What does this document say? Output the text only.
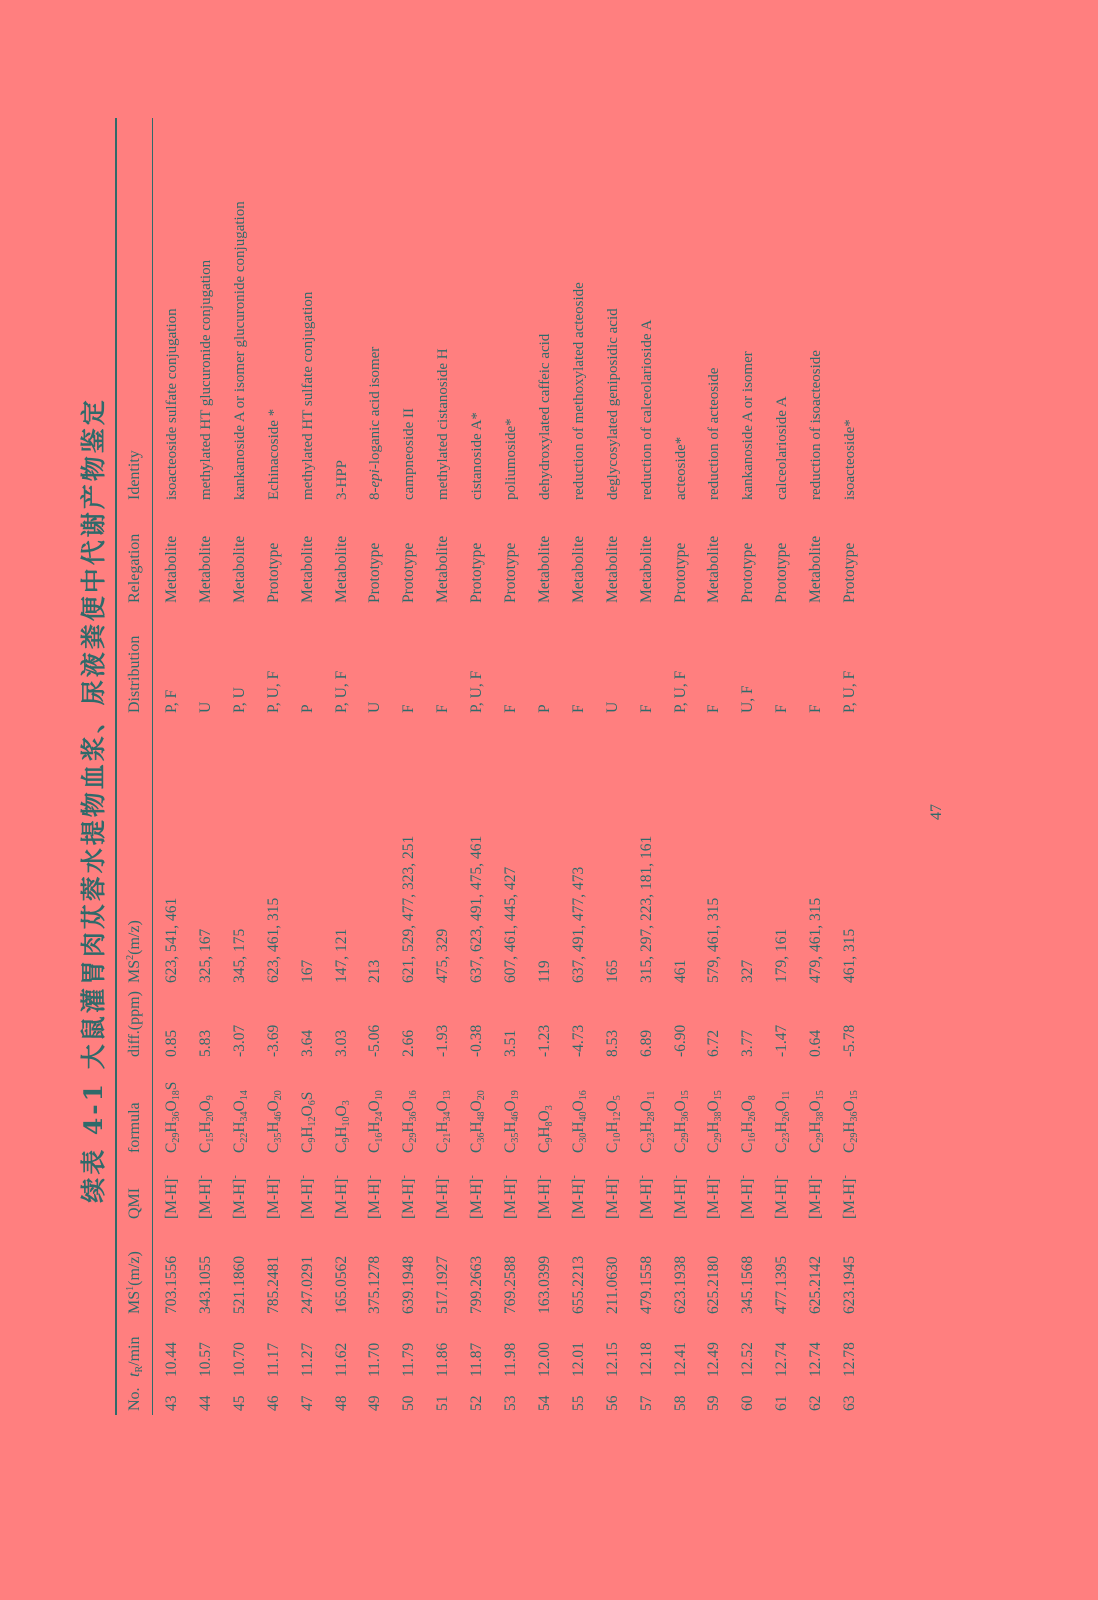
续表 4-1 大鼠灌胃肉苁蓉水提物血浆、尿液粪便中代谢产物鉴定
No.
$t_R/\min$
$MS^1(m/z)$
QMI
formula
diff.(ppm)
$MS^2(m/z)$
Distribution
Relegation
Identity
43
10.44
703.1556
[M-H]-
$C_{29}H_{36}O_{18}S$
0.85
623, 541, 461
P, F
Metabolite
isoacteoside sulfate conjugation
44
10.57
343.1055
[M-H]-
$C_{15}H_{20}O_9$
5.83
325, 167
U
Metabolite
methylated HT glucuronide conjugation
45
10.70
521.1860
[M-H]-
$C_{22}H_{34}O_{14}$
-3.07
345, 175
P, U
Metabolite
kankanoside A or isomer glucuronide conjugation
46
11.17
785.2481
[M-H]-
$C_{35}H_{46}O_{20}$
-3.69
623, 461, 315
P, U, F
Prototype
Echinacoside *
47
11.27
247.0291
[M-H]-
$C_9H_{12}O_6S$
3.64
167
P
Metabolite
methylated HT sulfate conjugation
48
11.62
165.0562
[M-H]-
$C_9H_{10}O_3$
3.03
147, 121
P, U, F
Metabolite
3-HPP
49
11.70
375.1278
[M-H]-
$C_{16}H_{24}O_{10}$
-5.06
213
U
Prototype
8-epi-loganic acid isomer
50
11.79
639.1948
[M-H]-
$C_{29}H_{36}O_{16}$
2.66
621, 529, 477, 323, 251
F
Prototype
campneoside II
51
11.86
517.1927
[M-H]-
$C_{21}H_{34}O_{13}$
-1.93
475, 329
F
Metabolite
methylated cistanoside H
52
11.87
799.2663
[M-H]-
$C_{36}H_{48}O_{20}$
-0.38
637, 623, 491, 475, 461
P, U, F
Prototype
cistanoside A*
53
11.98
769.2588
[M-H]-
$C_{35}H_{46}O_{19}$
3.51
607, 461, 445, 427
F
Prototype
poliumoside*
54
12.00
163.0399
[M-H]-
$C_9H_8O_3$
-1.23
119
P
Metabolite
dehydroxylated caffeic acid
55
12.01
655.2213
[M-H]-
$C_{30}H_{40}O_{16}$
-4.73
637, 491, 477, 473
F
Metabolite
reduction of methoxylated acteoside
56
12.15
211.0630
[M-H]-
$C_{10}H_{12}O_5$
8.53
165
U
Metabolite
deglycosylated geniposidic acid
57
12.18
479.1558
[M-H]-
$C_{23}H_{28}O_{11}$
6.89
315, 297, 223, 181, 161
F
Metabolite
reduction of calceolarioside A
58
12.41
623.1938
[M-H]-
$C_{29}H_{36}O_{15}$
-6.90
461
P, U, F
Prototype
acteoside*
59
12.49
625.2180
[M-H]-
$C_{29}H_{38}O_{15}$
6.72
579, 461, 315
F
Metabolite
reduction of acteoside
60
12.52
345.1568
[M-H]-
$C_{16}H_{26}O_8$
3.77
327
U, F
Prototype
kankanoside A or isomer
61
12.74
477.1395
[M-H]-
$C_{23}H_{26}O_{11}$
-1.47
179, 161
F
Prototype
calceolarioside A
62
12.74
625.2142
[M-H]-
$C_{29}H_{38}O_{15}$
0.64
479, 461, 315
F
Metabolite
reduction of isoacteoside
63
12.78
623.1945
[M-H]-
$C_{29}H_{36}O_{15}$
-5.78
461, 315
P, U, F
Prototype
isoacteoside*
47
